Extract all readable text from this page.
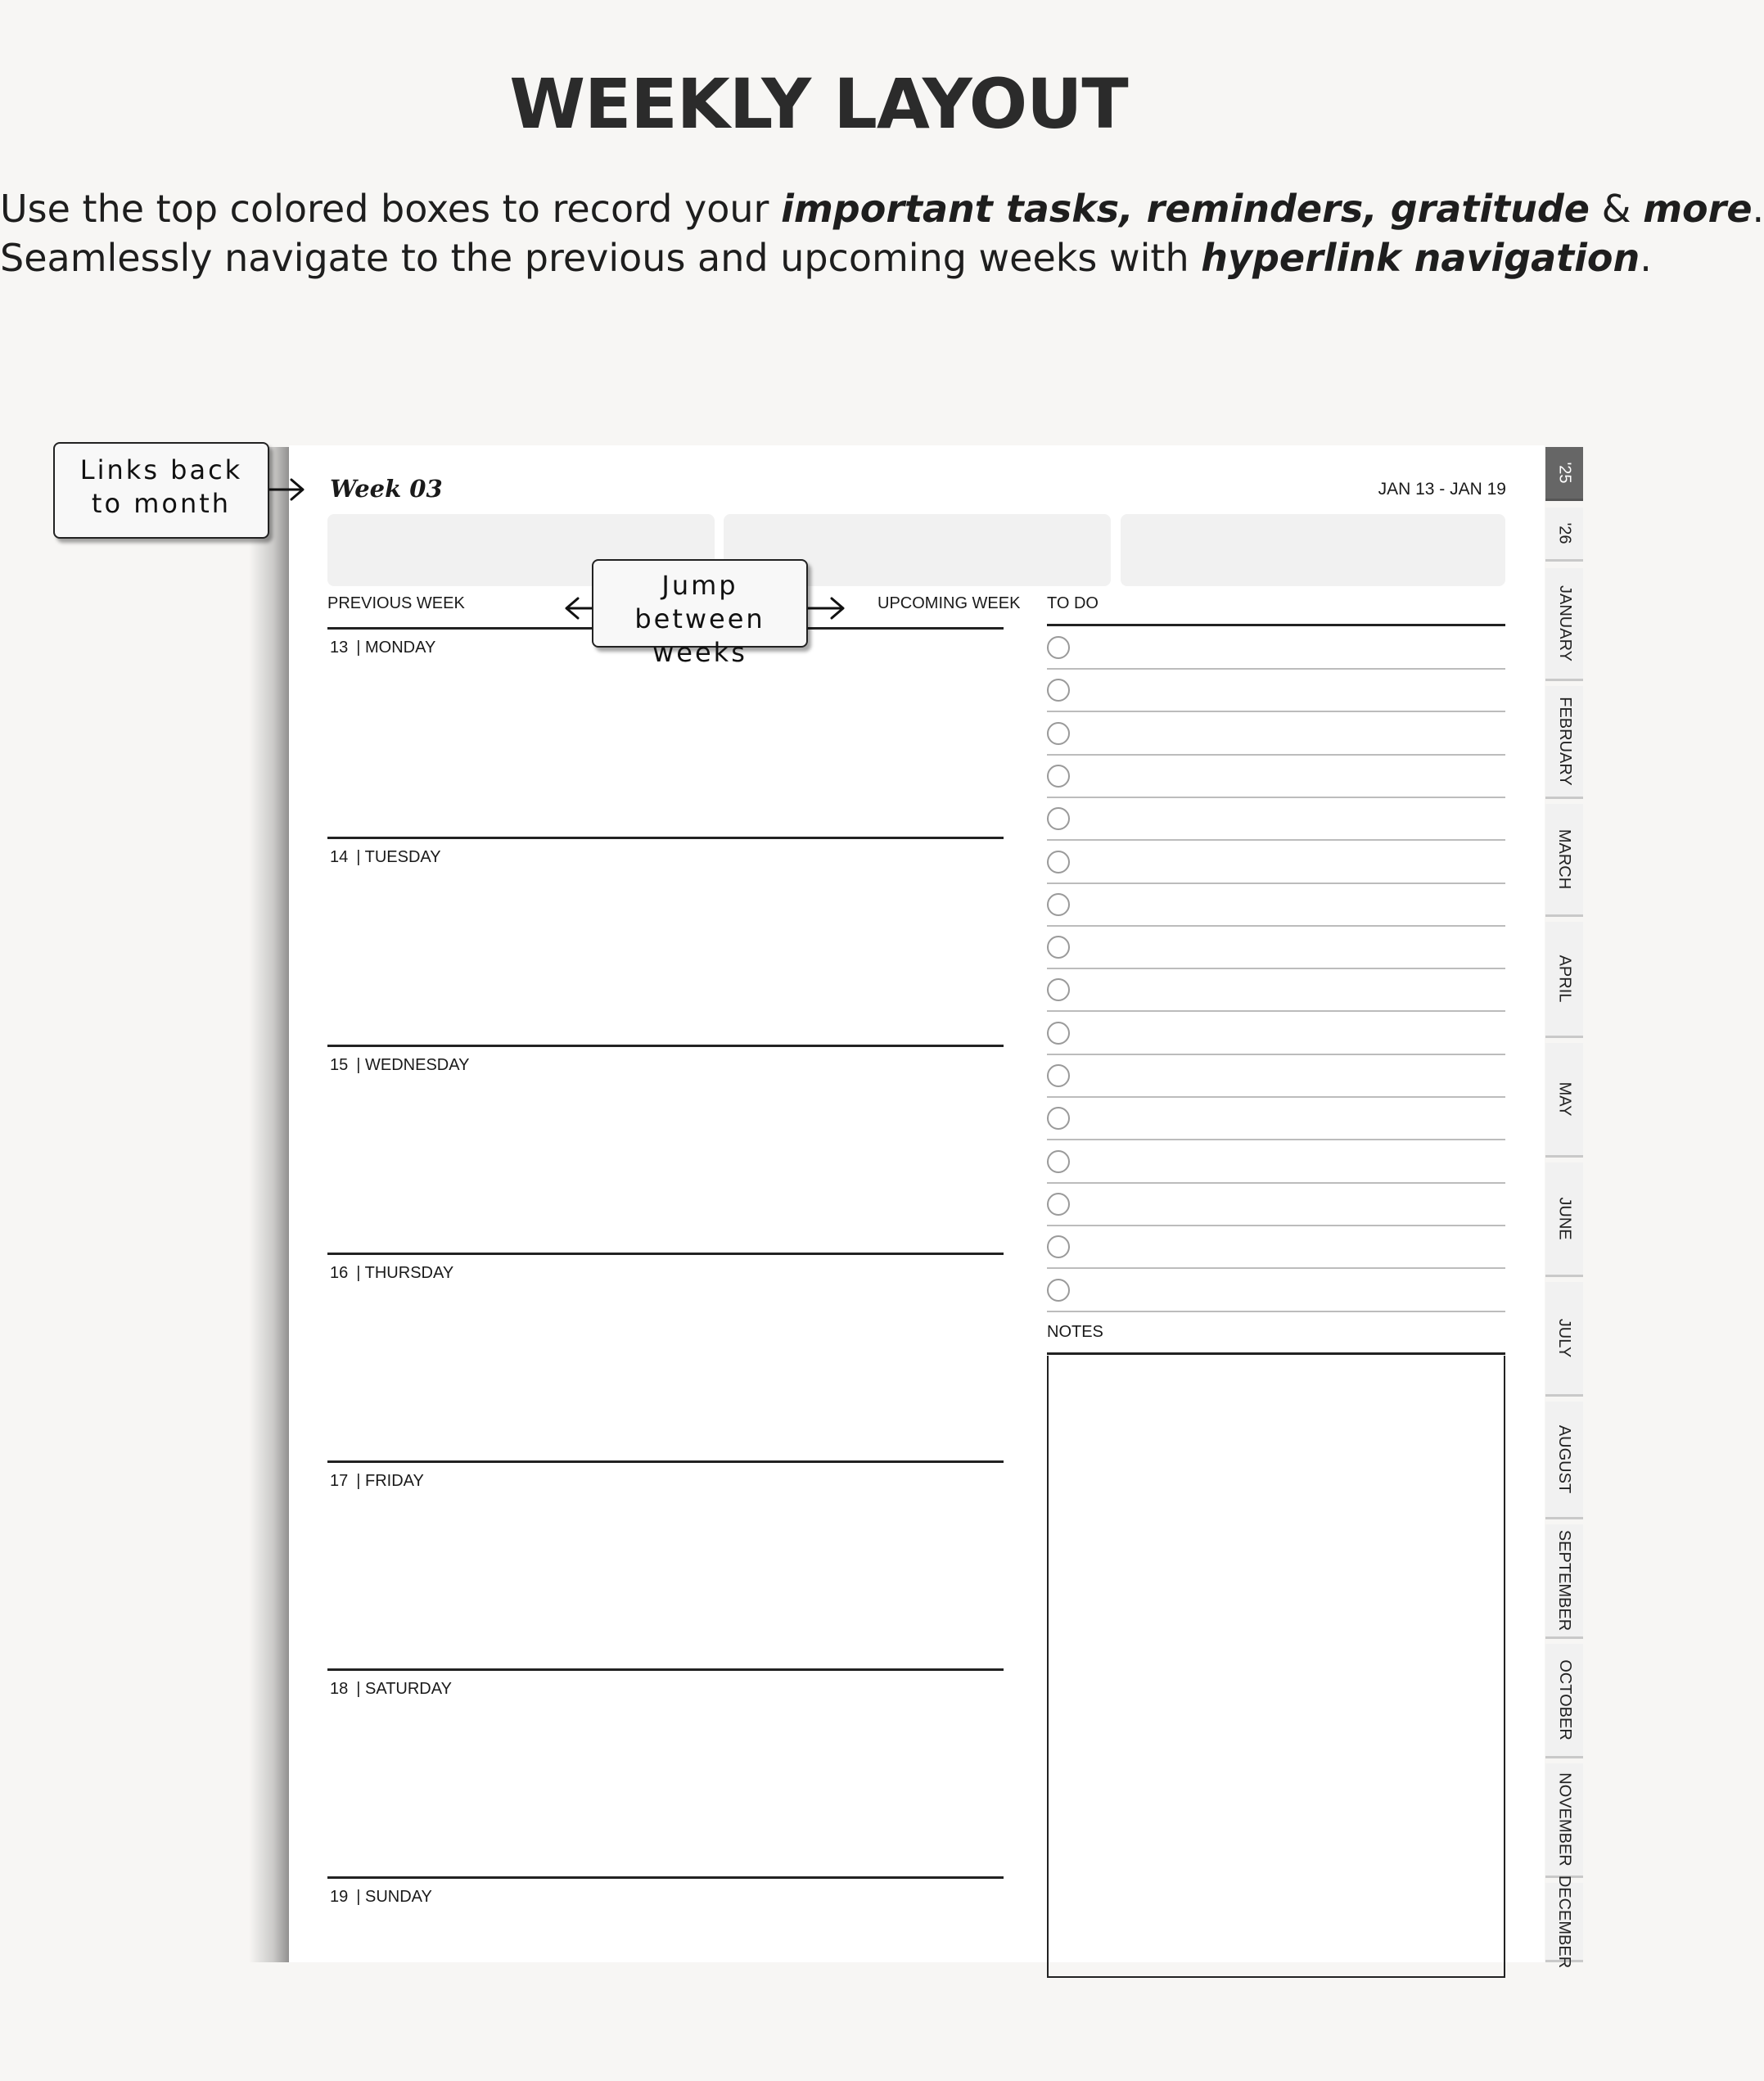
WEEKLY LAYOUT
Use the top colored boxes to record your important tasks, reminders, gratitude & more.
Seamlessly navigate to the previous and upcoming weeks with hyperlink navigation.
Week 03	JAN 13 - JAN 19
PREVIOUS WEEK	UPCOMING WEEK TO DO
13 | MONDAY
14 | TUESDAY
15 | WEDNESDAY
16 | THURSDAY
17 | FRIDAY
18 | SATURDAY
19 | SUNDAY
NOTES
'25
'26
JANUARY
FEBRUARY
MARCH
APRIL
MAY
JUNE
JULY
AUGUST
SEPTEMBER
OCTOBER
NOVEMBER
DECEMBER
Links back
to month
Jump between
weeks
